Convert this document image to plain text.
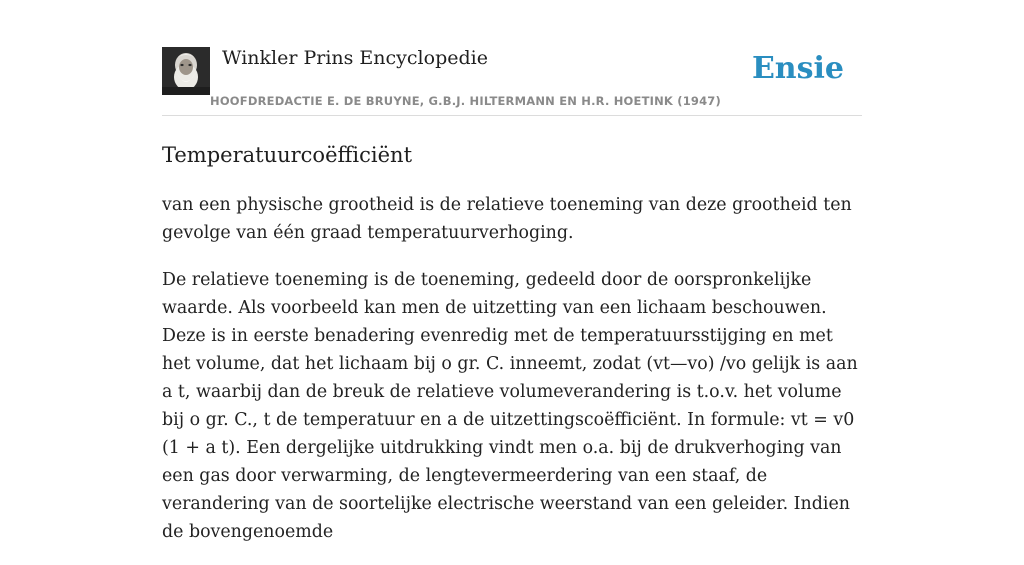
Winkler Prins Encyclopedie
HOOFDREDACTIE E. DE BRUYNE, G.B.J. HILTERMANN EN H.R. HOETINK (1947)
Ensie
Temperatuurcoëfficiënt

van een physische grootheid is de relatieve toeneming van deze grootheid ten gevolge van één graad temperatuurverhoging.

De relatieve toeneming is de toeneming, gedeeld door de oorspronkelijke waarde. Als voorbeeld kan men de uitzetting van een lichaam beschouwen. Deze is in eerste benadering evenredig met de temperatuursstijging en met het volume, dat het lichaam bij o gr. C. inneemt, zodat (vt—vo) /vo gelijk is aan a t, waarbij dan de breuk de relatieve volumeverandering is t.o.v. het volume bij o gr. C., t de temperatuur en a de uitzettingscoëfficiënt. In formule: vt = v0 (1 + a t). Een dergelijke uitdrukking vindt men o.a. bij de drukverhoging van een gas door verwarming, de lengtevermeerdering van een staaf, de verandering van de soortelijke electrische weerstand van een geleider. Indien de bovengenoemde
